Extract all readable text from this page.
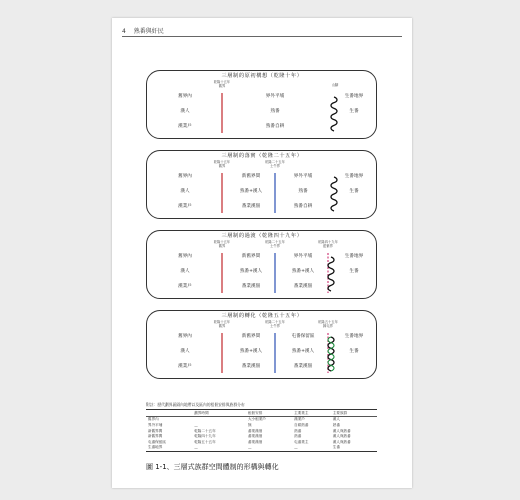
4 熟番與奸民
乾隆十五年
舊界	山腳
三層制的原初構想（乾隆十年）
舊界內	界外平埔	生番地界
漢人	熟番	生番
漢業戶	熟番自耕
乾隆十五年
舊界
乾隆二十五年
土牛界
三層制的落實（乾隆二十五年）
舊界內	新舊界間	界外平埔	生番地界
漢人	熟番+漢人	熟番	生番
漢業戶	番業漢佃	熟番自耕
乾隆十五年
舊界
乾隆二十五年
土牛界
乾隆四十九年
藍紫界
三層制的過渡（乾隆四十九年）
舊界內	新舊界間	界外平埔	生番地界
漢人	熟番+漢人	熟番+漢人	生番
漢業戶	番業漢佃	番業漢佃
乾隆十五年
舊界
乾隆二十五年
土牛界
乾隆五十五年
歸屯界
三層制的轉化（乾隆五十五年）
舊界內	新舊界間	屯番保留區	生番地界
漢人	熟番+漢人	熟番+漢人	生番
漢業戶	番業漢佃	番業漢佃
附註：歷代劃界區隔內地帶以及區內的租佃安排與族群分布
	劃界時間	租佃安排	主要業主	主要族群
舊界內		大小租業戶	漢業戶	漢人
界外平埔	—	無	自耕熟番	熟番
新舊界間	乾隆二十五年	番業漢佃	熟番	漢人與熟番
新舊界間	乾隆四十九年	番業漢佃	熟番	漢人與熟番
屯番保留區	乾隆五十五年	番業漢佃	屯番業主	漢人與熟番
生番地界	—	—	—	生番
圖 1-1、三層式族群空間體制的形構與轉化
